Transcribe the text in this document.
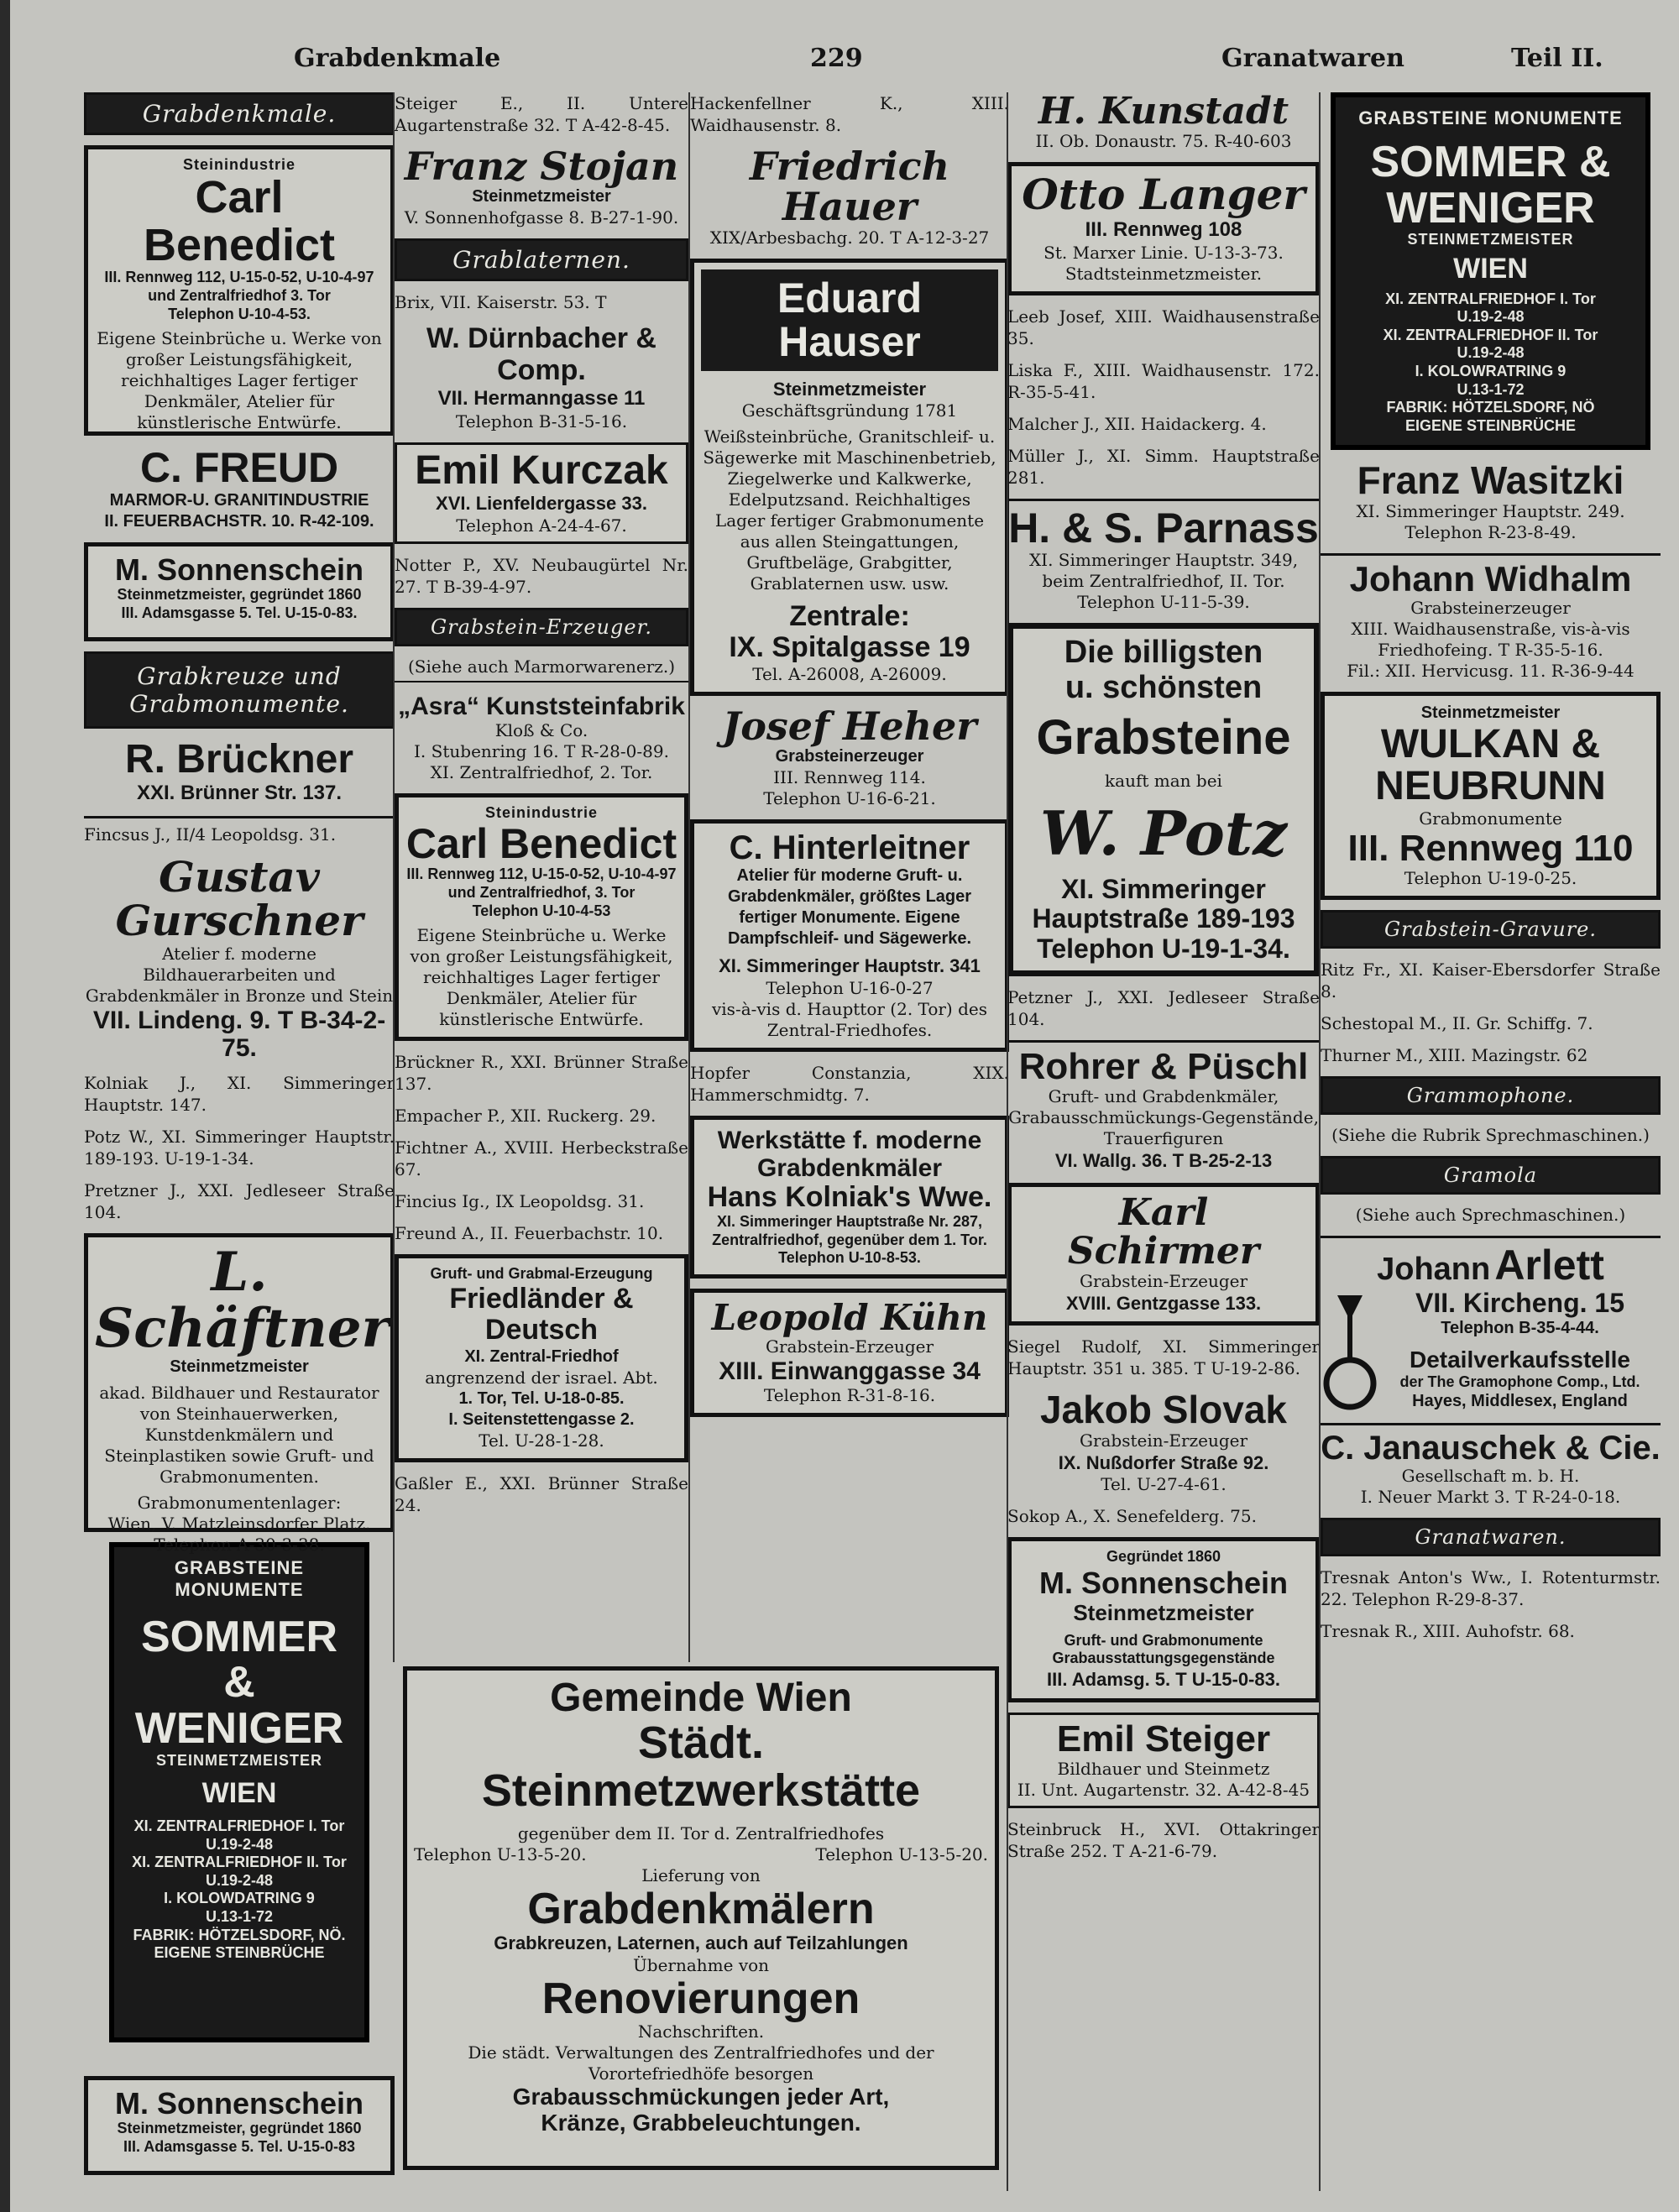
Grabdenkmale	229	Granatwaren	Teil II.
Grabdenkmale.
Steinindustrie
Carl Benedict
III. Rennweg 112, U-15-0-52, U-10-4-97 und Zentralfriedhof 3. Tor
Telephon U-10-4-53.
Eigene Steinbrüche u. Werke von großer Leistungsfähigkeit, reichhaltiges Lager fertiger Denkmäler, Atelier für künstlerische Entwürfe.
C. FREUD
MARMOR-U. GRANITINDUSTRIE
II. FEUERBACHSTR. 10. R-42-109.
M. Sonnenschein
Steinmetzmeister, gegründet 1860
III. Adamsgasse 5. Tel. U-15-0-83.
Grabkreuze und Grabmonumente.
R. Brückner
XXI. Brünner Str. 137.
Fincsus J., II/4 Leopoldsg. 31.
Gustav Gurschner
Atelier f. moderne Bildhauerarbeiten und Grabdenkmäler in Bronze und Stein
VII. Lindeng. 9. T B-34-2-75.
Kolniak J., XI. Simmeringer Hauptstr. 147.
Potz W., XI. Simmeringer Hauptstr. 189-193. U-19-1-34.
Pretzner J., XXI. Jedleseer Straße 104.
L. Schäftner
Steinmetzmeister
akad. Bildhauer und Restaurator von Steinhauerwerken, Kunstdenkmälern und Steinplastiken sowie Gruft- und Grabmonumenten.
Grabmonumentenlager:
Wien, V. Matzleinsdorfer Platz.
Telephon A-30-3-38.
GRABSTEINE MONUMENTE
SOMMER &
WENIGER
STEINMETZMEISTER
WIEN
XI. ZENTRALFRIEDHOF I. Tor
U.19-2-48
XI. ZENTRALFRIEDHOF II. Tor
U.19-2-48
I. KOLOWDATRING 9
U.13-1-72
FABRIK: HÖTZELSDORF, NÖ.
EIGENE STEINBRÜCHE
M. Sonnenschein
Steinmetzmeister, gegründet 1860
III. Adamsgasse 5. Tel. U-15-0-83
Steiger E., II. Untere Augartenstraße 32. T A-42-8-45.
Franz Stojan
Steinmetzmeister
V. Sonnenhofgasse 8. B-27-1-90.
Grablaternen.
Brix, VII. Kaiserstr. 53. T
W. Dürnbacher & Comp.
VII. Hermanngasse 11
Telephon B-31-5-16.
Emil Kurczak
XVI. Lienfeldergasse 33.
Telephon A-24-4-67.
Notter P., XV. Neubaugürtel Nr. 27. T B-39-4-97.
Grabstein-Erzeuger.
(Siehe auch Marmorwarenerz.)
„Asra“ Kunststeinfabrik
Kloß & Co.
I. Stubenring 16. T R-28-0-89.
XI. Zentralfriedhof, 2. Tor.
Steinindustrie
Carl Benedict
III. Rennweg 112, U-15-0-52, U-10-4-97 und Zentralfriedhof, 3. Tor
Telephon U-10-4-53
Eigene Steinbrüche u. Werke von großer Leistungsfähigkeit, reichhaltiges Lager fertiger Denkmäler, Atelier für künstlerische Entwürfe.
Brückner R., XXI. Brünner Straße 137.
Empacher P., XII. Ruckerg. 29.
Fichtner A., XVIII. Herbeckstraße 67.
Fincius Ig., IX Leopoldsg. 31.
Freund A., II. Feuerbachstr. 10.
Gruft- und Grabmal-Erzeugung
Friedländer & Deutsch
XI. Zentral-Friedhof
angrenzend der israel. Abt.
1. Tor, Tel. U-18-0-85.
I. Seitenstettengasse 2.
Tel. U-28-1-28.
Gaßler E., XXI. Brünner Straße 24.
Hackenfellner K., XIII. Waidhausenstr. 8.
Friedrich Hauer
XIX/Arbesbachg. 20. T A-12-3-27
Eduard Hauser
Steinmetzmeister
Geschäftsgründung 1781
Weißsteinbrüche, Granitschleif- u. Sägewerke mit Maschinenbetrieb, Ziegelwerke und Kalkwerke, Edelputzsand. Reichhaltiges Lager fertiger Grabmonumente aus allen Steingattungen, Gruftbeläge, Grabgitter, Grablaternen usw. usw.
Zentrale:
IX. Spitalgasse 19
Tel. A-26008, A-26009.
Josef Heher
Grabsteinerzeuger
III. Rennweg 114.
Telephon U-16-6-21.
C. Hinterleitner
Atelier für moderne Gruft- u. Grabdenkmäler, größtes Lager fertiger Monumente. Eigene Dampfschleif- und Sägewerke.
XI. Simmeringer Hauptstr. 341
Telephon U-16-0-27
vis-à-vis d. Haupttor (2. Tor) des Zentral-Friedhofes.
Hopfer Constanzia, XIX. Hammerschmidtg. 7.
Werkstätte f. moderne
Grabdenkmäler
Hans Kolniak's Wwe.
XI. Simmeringer Hauptstraße Nr. 287, Zentralfriedhof, gegenüber dem 1. Tor.
Telephon U-10-8-53.
Leopold Kühn
Grabstein-Erzeuger
XIII. Einwanggasse 34
Telephon R-31-8-16.
Gemeinde Wien
Städt. Steinmetzwerkstätte
gegenüber dem II. Tor d. Zentralfriedhofes
Telephon U-13-5-20.	Telephon U-13-5-20.
Lieferung von
Grabdenkmälern
Grabkreuzen, Laternen, auch auf Teilzahlungen
Übernahme von
Renovierungen
Nachschriften.
Die städt. Verwaltungen des Zentralfriedhofes und der Vorortefriedhöfe besorgen
Grabausschmückungen jeder Art,
Kränze, Grabbeleuchtungen.
H. Kunstadt
II. Ob. Donaustr. 75. R-40-603
Otto Langer
III. Rennweg 108
St. Marxer Linie. U-13-3-73.
Stadtsteinmetzmeister.
Leeb Josef, XIII. Waidhausenstraße 35.
Liska F., XIII. Waidhausenstr. 172. R-35-5-41.
Malcher J., XII. Haidackerg. 4.
Müller J., XI. Simm. Hauptstraße 281.
H. & S. Parnass
XI. Simmeringer Hauptstr. 349, beim Zentralfriedhof, II. Tor.
Telephon U-11-5-39.
Die billigsten
u. schönsten
Grabsteine
kauft man bei
W. Potz
XI. Simmeringer
Hauptstraße 189-193
Telephon U-19-1-34.
Petzner J., XXI. Jedleseer Straße 104.
Rohrer & Püschl
Gruft- und Grabdenkmäler, Grabausschmückungs-Gegenstände, Trauerfiguren
VI. Wallg. 36. T B-25-2-13
Karl Schirmer
Grabstein-Erzeuger
XVIII. Gentzgasse 133.
Siegel Rudolf, XI. Simmeringer Hauptstr. 351 u. 385. T U-19-2-86.
Jakob Slovak
Grabstein-Erzeuger
IX. Nußdorfer Straße 92.
Tel. U-27-4-61.
Sokop A., X. Senefelderg. 75.
Gegründet 1860
M. Sonnenschein
Steinmetzmeister
Gruft- und Grabmonumente Grabausstattungsgegenstände
III. Adamsg. 5. T U-15-0-83.
Emil Steiger
Bildhauer und Steinmetz
II. Unt. Augartenstr. 32. A-42-8-45
Steinbruck H., XVI. Ottakringer Straße 252. T A-21-6-79.
GRABSTEINE MONUMENTE
SOMMER &
WENIGER
STEINMETZMEISTER
WIEN
XI. ZENTRALFRIEDHOF I. Tor
U.19-2-48
XI. ZENTRALFRIEDHOF II. Tor
U.19-2-48
I. KOLOWRATRING 9
U.13-1-72
FABRIK: HÖTZELSDORF, NÖ
EIGENE STEINBRÜCHE
Franz Wasitzki
XI. Simmeringer Hauptstr. 249.
Telephon R-23-8-49.
Johann Widhalm
Grabsteinerzeuger
XIII. Waidhausenstraße, vis-à-vis Friedhofeing. T R-35-5-16.
Fil.: XII. Hervicusg. 11. R-36-9-44
Steinmetzmeister
WULKAN &
NEUBRUNN
Grabmonumente
III. Rennweg 110
Telephon U-19-0-25.
Grabstein-Gravure.
Ritz Fr., XI. Kaiser-Ebersdorfer Straße 8.
Schestopal M., II. Gr. Schiffg. 7.
Thurner M., XIII. Mazingstr. 62
Grammophone.
(Siehe die Rubrik Sprechmaschinen.)
Gramola
(Siehe auch Sprechmaschinen.)
Johann Arlett
VII. Kircheng. 15
Telephon B-35-4-44.
Detailverkaufsstelle
der The Gramophone Comp., Ltd.
Hayes, Middlesex, England
C. Janauschek & Cie.
Gesellschaft m. b. H.
I. Neuer Markt 3. T R-24-0-18.
Granatwaren.
Tresnak Anton's Ww., I. Rotenturmstr. 22. Telephon R-29-8-37.
Tresnak R., XIII. Auhofstr. 68.
